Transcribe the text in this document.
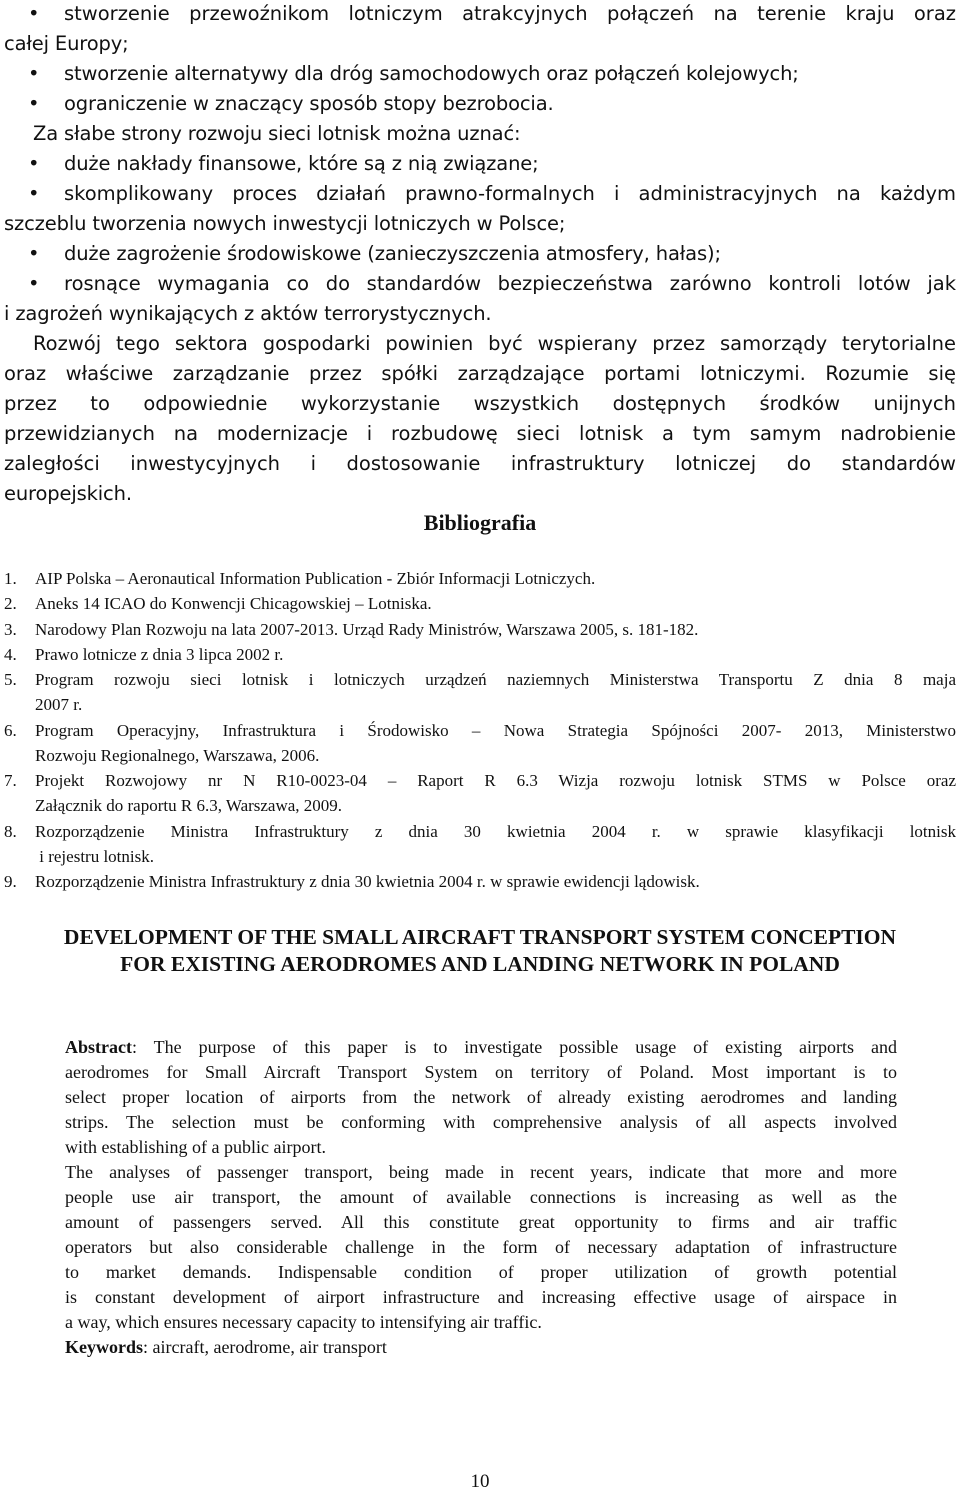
• stworzenie przewoźnikom lotniczym atrakcyjnych połączeń na terenie kraju oraz
całej Europy;
• stworzenie alternatywy dla dróg samochodowych oraz połączeń kolejowych;
• ograniczenie w znaczący sposób stopy bezrobocia.
Za słabe strony rozwoju sieci lotnisk można uznać:
• duże nakłady finansowe, które są z nią związane;
• skomplikowany proces działań prawno-formalnych i administracyjnych na każdym
szczeblu tworzenia nowych inwestycji lotniczych w Polsce;
• duże zagrożenie środowiskowe (zanieczyszczenia atmosfery, hałas);
• rosnące wymagania co do standardów bezpieczeństwa zarówno kontroli lotów jak
i zagrożeń wynikających z aktów terrorystycznych.
Rozwój tego sektora gospodarki powinien być wspierany przez samorządy terytorialne
oraz właściwe zarządzanie przez spółki zarządzające portami lotniczymi. Rozumie się
przez to odpowiednie wykorzystanie wszystkich dostępnych środków unijnych
przewidzianych na modernizacje i rozbudowę sieci lotnisk a tym samym nadrobienie
zaległości inwestycyjnych i dostosowanie infrastruktury lotniczej do standardów
europejskich.
Bibliografia
1. AIP Polska – Aeronautical Information Publication - Zbiór Informacji Lotniczych.
2. Aneks 14 ICAO do Konwencji Chicagowskiej – Lotniska.
3. Narodowy Plan Rozwoju na lata 2007-2013. Urząd Rady Ministrów, Warszawa 2005, s. 181-182.
4. Prawo lotnicze z dnia 3 lipca 2002 r.
5. Program rozwoju sieci lotnisk i lotniczych urządzeń naziemnych Ministerstwa Transportu Z dnia 8 maja
2007 r.
6. Program Operacyjny, Infrastruktura i Środowisko – Nowa Strategia Spójności 2007- 2013, Ministerstwo
Rozwoju Regionalnego, Warszawa, 2006.
7. Projekt Rozwojowy nr N R10-0023-04 – Raport R 6.3 Wizja rozwoju lotnisk STMS w Polsce oraz
Załącznik do raportu R 6.3, Warszawa, 2009.
8. Rozporządzenie Ministra Infrastruktury z dnia 30 kwietnia 2004 r. w sprawie klasyfikacji lotnisk
i rejestru lotnisk.
9. Rozporządzenie Ministra Infrastruktury z dnia 30 kwietnia 2004 r. w sprawie ewidencji lądowisk.
DEVELOPMENT OF THE SMALL AIRCRAFT TRANSPORT SYSTEM CONCEPTION
FOR EXISTING AERODROMES AND LANDING NETWORK IN POLAND
Abstract: The purpose of this paper is to investigate possible usage of existing airports and
aerodromes for Small Aircraft Transport System on territory of Poland. Most important is to
select proper location of airports from the network of already existing aerodromes and landing
strips. The selection must be conforming with comprehensive analysis of all aspects involved
with establishing of a public airport.
The analyses of passenger transport, being made in recent years, indicate that more and more
people use air transport, the amount of available connections is increasing as well as the
amount of passengers served. All this constitute great opportunity to firms and air traffic
operators but also considerable challenge in the form of necessary adaptation of infrastructure
to market demands. Indispensable condition of proper utilization of growth potential
is constant development of airport infrastructure and increasing effective usage of airspace in
a way, which ensures necessary capacity to intensifying air traffic.
Keywords: aircraft, aerodrome, air transport
10
